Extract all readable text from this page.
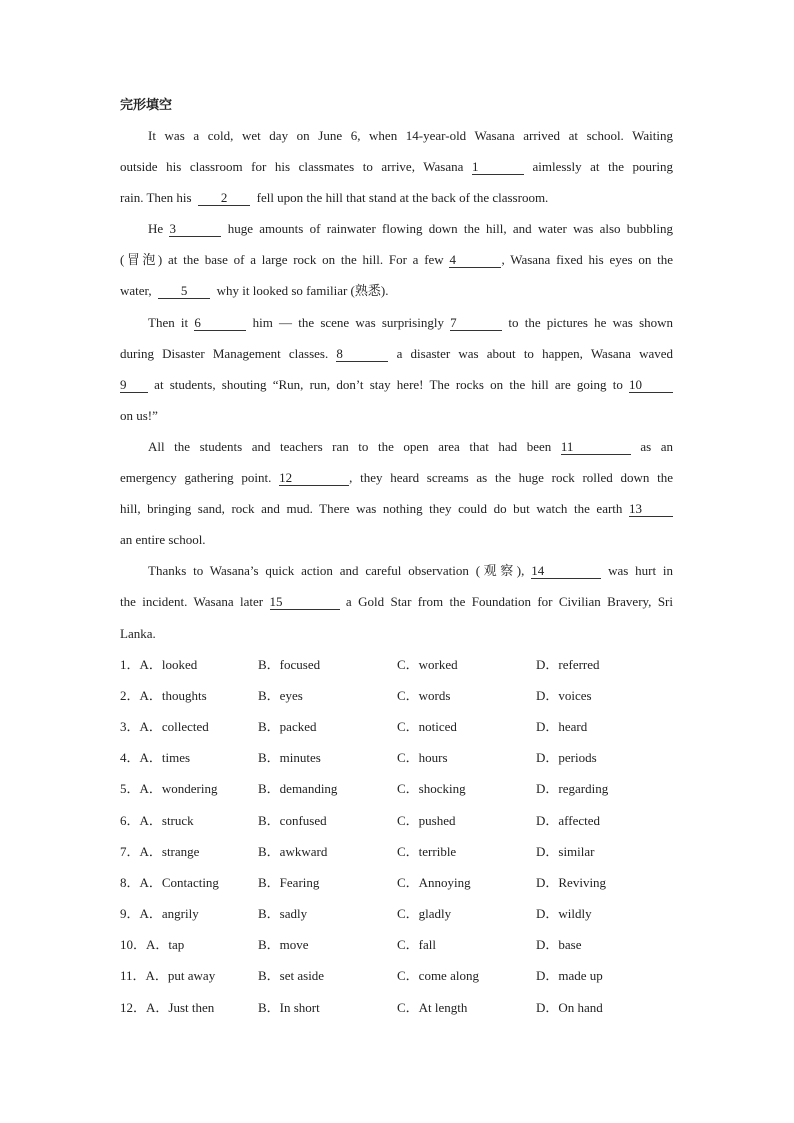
完形填空
It was a cold, wet day on June 6, when 14-year-old Wasana arrived at school. Waiting
outside his classroom for his classmates to arrive, Wasana 1	aimlessly at the pouring
rain. Then his 2 fell upon the hill that stand at the back of the classroom.
He 3	huge amounts of rainwater flowing down the hill, and water was also bubbling
(冒泡) at the base of a large rock on the hill. For a few 4	, Wasana fixed his eyes on the
water, 5 why it looked so familiar (熟悉).
Then it 6	him — the scene was surprisingly 7	to the pictures he was shown
during Disaster Management classes. 8	a disaster was about to happen, Wasana waved
9 at students, shouting “Run, run, don’t stay here! The rocks on the hill are going to 10
on us!”
All the students and teachers ran to the open area that had been 11	as an
emergency gathering point. 12	, they heard screams as the huge rock rolled down the
hill, bringing sand, rock and mud. There was nothing they could do but watch the earth 13
an entire school.
Thanks to Wasana’s quick action and careful observation (观察), 14	was hurt in
the incident. Wasana later 15	a Gold Star from the Foundation for Civilian Bravery, Sri
Lanka.
1．A．looked	B．focused	C．worked	D．referred
2．A．thoughts	B．eyes	C．words	D．voices
3．A．collected	B．packed	C．noticed	D．heard
4．A．times	B．minutes	C．hours	D．periods
5．A．wondering	B．demanding	C．shocking	D．regarding
6．A．struck	B．confused	C．pushed	D．affected
7．A．strange	B．awkward	C．terrible	D．similar
8．A．Contacting	B．Fearing	C．Annoying	D．Reviving
9．A．angrily	B．sadly	C．gladly	D．wildly
10．A．tap	B．move	C．fall	D．base
11．A．put away	B．set aside	C．come along	D．made up
12．A．Just then	B．In short	C．At length	D．On hand
